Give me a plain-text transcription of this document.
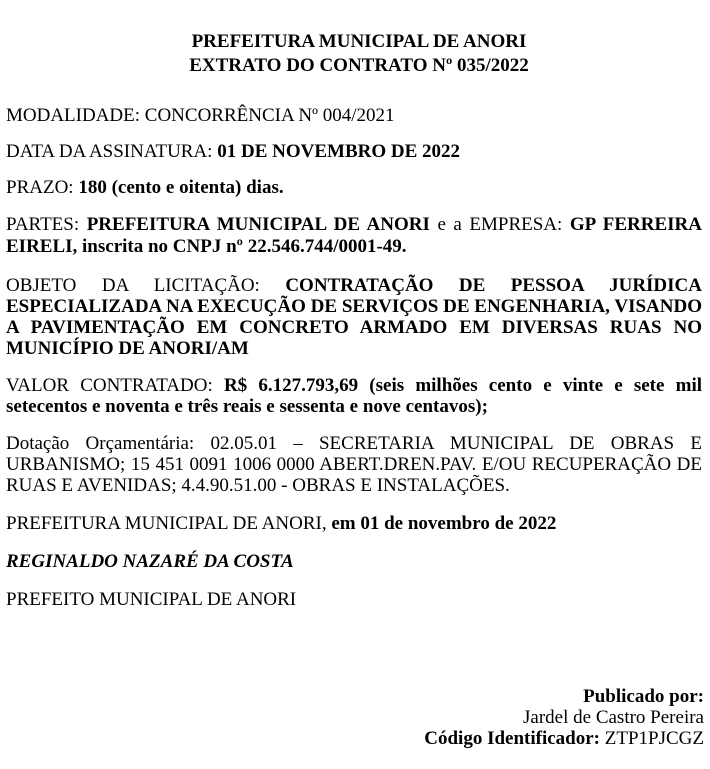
PREFEITURA MUNICIPAL DE ANORI
EXTRATO DO CONTRATO Nº 035/2022

MODALIDADE: CONCORRÊNCIA Nº 004/2021

DATA DA ASSINATURA: 01 DE NOVEMBRO DE 2022

PRAZO: 180 (cento e oitenta) dias.

PARTES: PREFEITURA MUNICIPAL DE ANORI e a EMPRESA: GP FERREIRA EIRELI, inscrita no CNPJ nº 22.546.744/0001-49.

OBJETO DA LICITAÇÃO: CONTRATAÇÃO DE PESSOA JURÍDICA ESPECIALIZADA NA EXECUÇÃO DE SERVIÇOS DE ENGENHARIA, VISANDO A PAVIMENTAÇÃO EM CONCRETO ARMADO EM DIVERSAS RUAS NO MUNICÍPIO DE ANORI/AM

VALOR CONTRATADO: R$ 6.127.793,69 (seis milhões cento e vinte e sete mil setecentos e noventa e três reais e sessenta e nove centavos);

Dotação Orçamentária: 02.05.01 – SECRETARIA MUNICIPAL DE OBRAS E URBANISMO; 15 451 0091 1006 0000 ABERT.DREN.PAV. E/OU RECUPERAÇÃO DE RUAS E AVENIDAS; 4.4.90.51.00 - OBRAS E INSTALAÇÕES.

PREFEITURA MUNICIPAL DE ANORI, em 01 de novembro de 2022

REGINALDO NAZARÉ DA COSTA

PREFEITO MUNICIPAL DE ANORI

Publicado por:
Jardel de Castro Pereira
Código Identificador: ZTP1PJCGZ
